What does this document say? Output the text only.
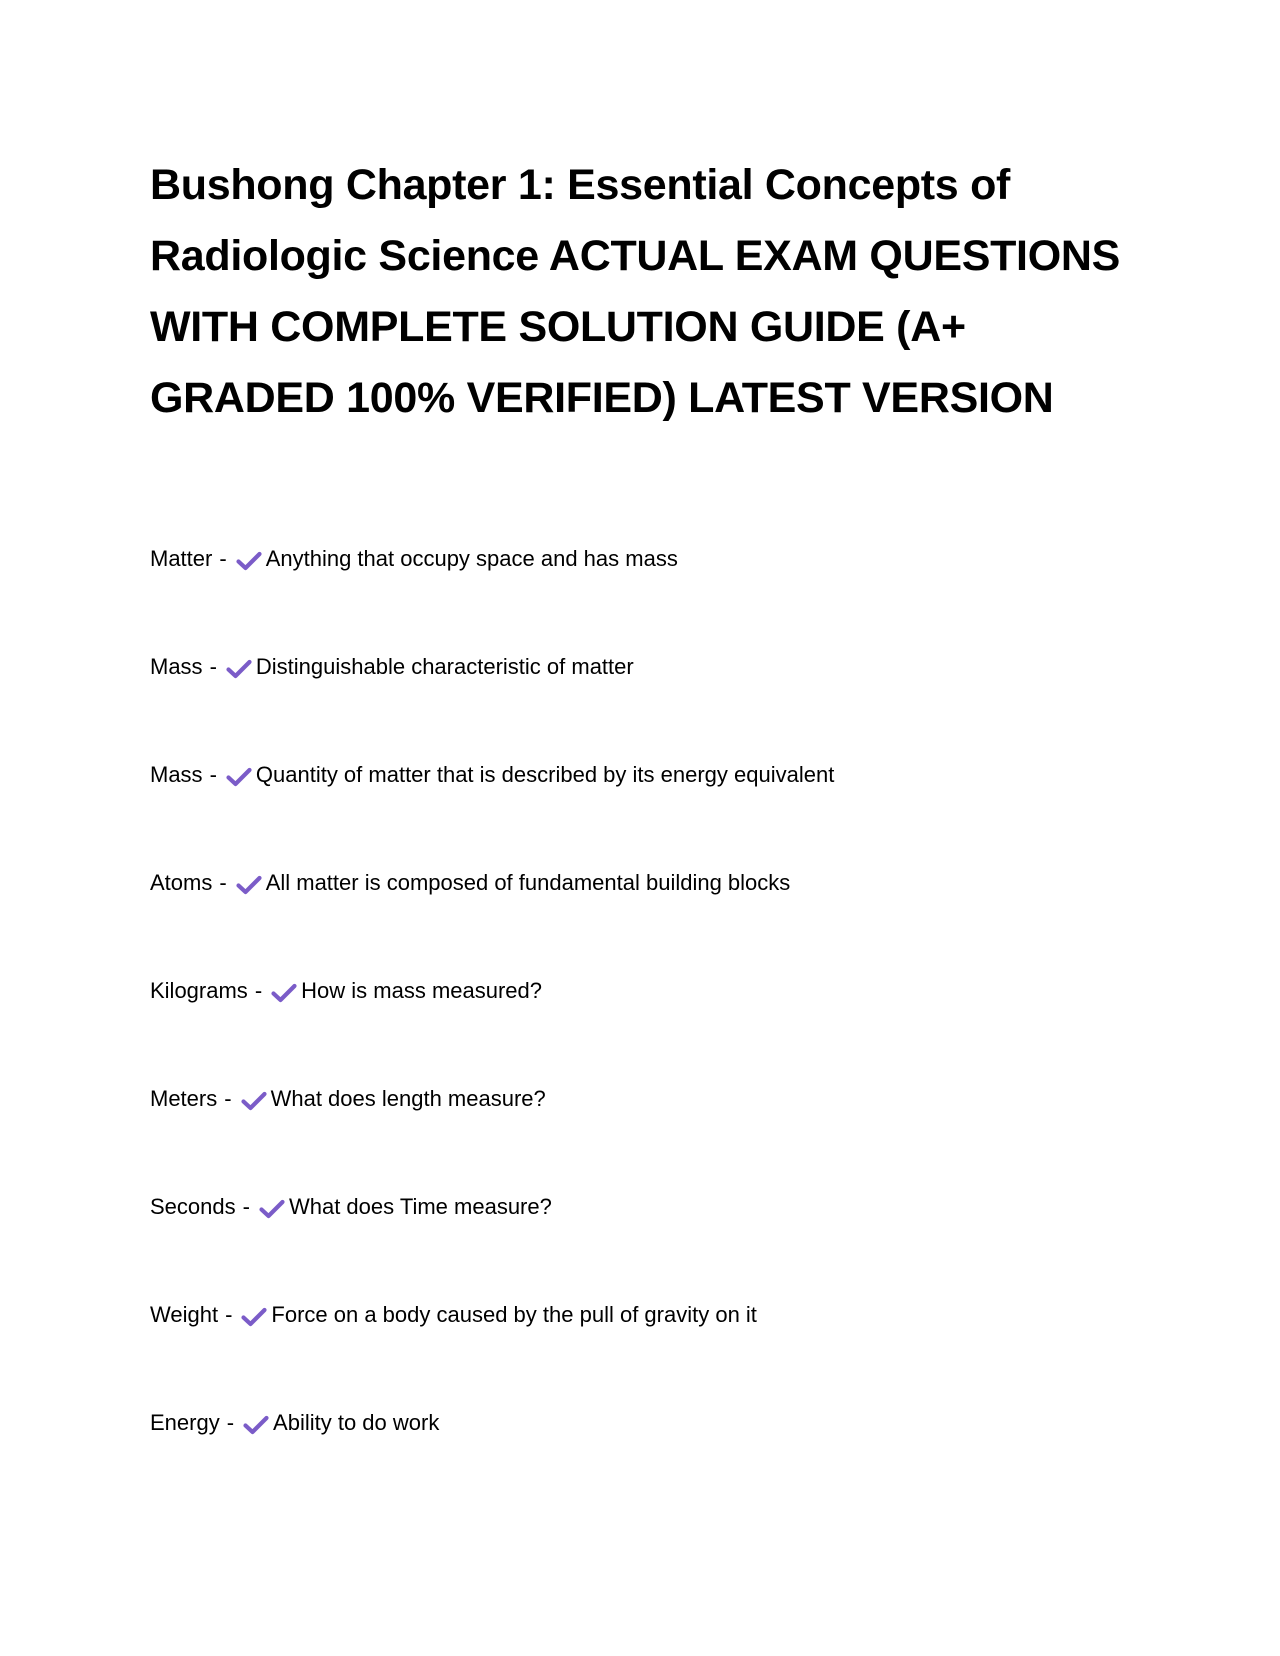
Bushong Chapter 1: Essential Concepts of Radiologic Science ACTUAL EXAM QUESTIONS WITH COMPLETE SOLUTION GUIDE (A+ GRADED 100% VERIFIED) LATEST VERSION
Matter - Anything that occupy space and has mass
Mass - Distinguishable characteristic of matter
Mass - Quantity of matter that is described by its energy equivalent
Atoms - All matter is composed of fundamental building blocks
Kilograms - How is mass measured?
Meters - What does length measure?
Seconds - What does Time measure?
Weight - Force on a body caused by the pull of gravity on it
Energy - Ability to do work
